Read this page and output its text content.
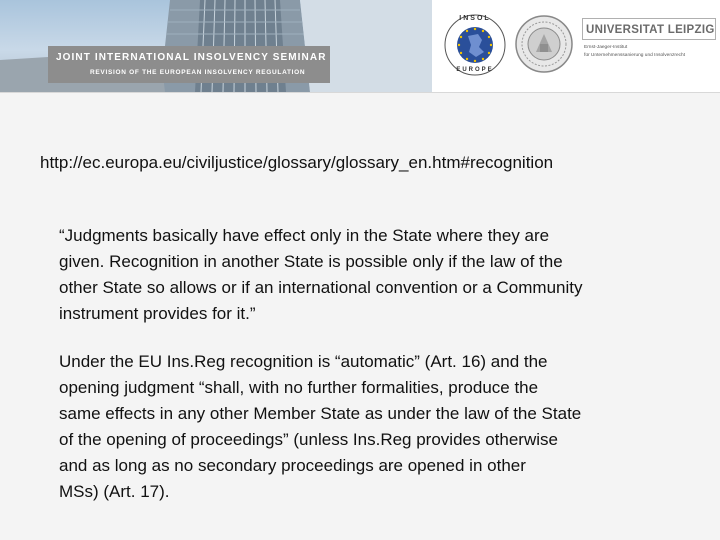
JOINT INTERNATIONAL INSOLVENCY SEMINAR
REVISION OF THE EUROPEAN INSOLVENCY REGULATION
INSOL
EUROPE
UNIVERSITAT LEIPZIG
Ernst-Jaeger-Institut
für Unternehmenssanierung und Insolvenzrecht
http://ec.europa.eu/civiljustice/glossary/glossary_en.htm#recognition
“Judgments basically have effect only in the State where they are
given. Recognition in another State is possible only if the law of the
other State so allows or if an international convention or a Community
instrument provides for it.”
Under the EU Ins.Reg recognition is “automatic” (Art. 16) and the
opening judgment “shall, with no further formalities, produce the
same effects in any other Member State as under the law of the State
of the opening of proceedings” (unless Ins.Reg provides otherwise
and as long as no secondary proceedings are opened in other
MSs) (Art. 17).
